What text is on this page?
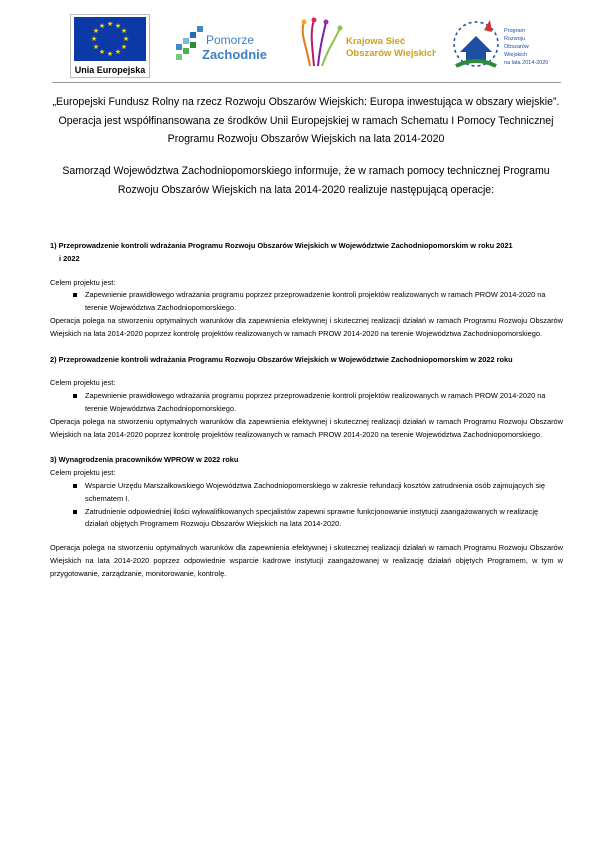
★ ★
★
★
★
★
★
★
★
★
★
★
Unia Europejska
Pomorze
Zachodnie
Krajowa Sieć
Obszarów Wiejskich
Program
Rozwoju
Obszarów
Wiejskich
na lata 2014-2020
„Europejski Fundusz Rolny na rzecz Rozwoju Obszarów Wiejskich: Europa inwestująca w obszary wiejskie”.
Operacja jest współfinansowana ze środków Unii Europejskiej w ramach Schematu I Pomocy Technicznej
Programu Rozwoju Obszarów Wiejskich na lata 2014-2020
Samorząd Województwa Zachodniopomorskiego informuje, że w ramach pomocy technicznej Programu
Rozwoju Obszarów Wiejskich na lata 2014-2020 realizuje następującą operacje:
1) Przeprowadzenie kontroli wdrażania Programu Rozwoju Obszarów Wiejskich w Województwie Zachodniopomorskim w roku 2021
i 2022

Celem projektu jest:

Zapewnienie prawidłowego wdrażania programu poprzez przeprowadzenie kontroli projektów realizowanych w ramach PROW 2014-2020 na terenie Województwa Zachodniopomorskiego.

Operacja polega na stworzeniu optymalnych warunków dla zapewnienia efektywnej i skutecznej realizacji działań w ramach Programu Rozwoju Obszarów Wiejskich na lata 2014-2020 poprzez kontrolę projektów realizowanych w ramach PROW 2014-2020 na terenie Województwa Zachodniopomorskiego.

2) Przeprowadzenie kontroli wdrażania Programu Rozwoju Obszarów Wiejskich w Województwie Zachodniopomorskim w 2022 roku

Celem projektu jest:

Zapewnienie prawidłowego wdrażania programu poprzez przeprowadzenie kontroli projektów realizowanych w ramach PROW 2014-2020 na terenie Województwa Zachodniopomorskiego.

Operacja polega na stworzeniu optymalnych warunków dla zapewnienia efektywnej i skutecznej realizacji działań w ramach Programu Rozwoju Obszarów Wiejskich na lata 2014-2020 poprzez kontrolę projektów realizowanych w ramach PROW 2014-2020 na terenie Województwa Zachodniopomorskiego.

3) Wynagrodzenia pracowników WPROW w 2022 roku

Celem projektu jest:

Wsparcie Urzędu Marszałkowskiego Województwa Zachodniopomorskiego w zakresie refundacji kosztów zatrudnienia osób zajmujących się schematem I.
Zatrudnienie odpowiedniej ilości wykwalifikowanych specjalistów zapewni sprawne funkcjonowanie instytucji zaangażowanych w realizację działań objętych Programem Rozwoju Obszarów Wiejskich na lata 2014-2020.

Operacja polega na stworzeniu optymalnych warunków dla zapewnienia efektywnej i skutecznej realizacji działań w ramach Programu Rozwoju Obszarów Wiejskich na lata 2014-2020 poprzez odpowiednie wsparcie kadrowe instytucji zaangażowanej w realizację działań objętych Programem, w tym w przygotowanie, zarządzanie, monitorowanie, kontrolę.
